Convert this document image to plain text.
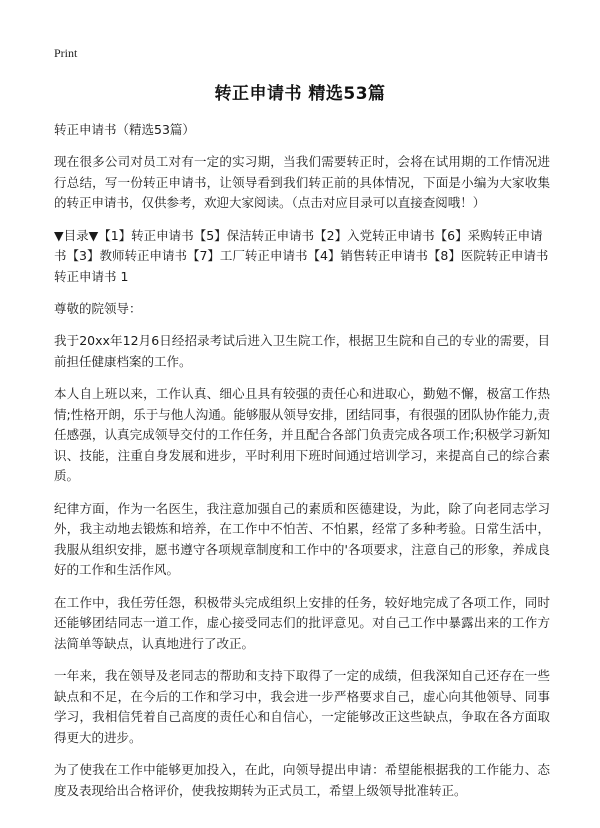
Print
转正申请书 精选53篇
转正申请书（精选53篇）

现在很多公司对员工对有一定的实习期，当我们需要转正时，会将在试用期的工作情况进行总结，写一份转正申请书，让领导看到我们转正前的具体情况，下面是小编为大家收集的转正申请书，仅供参考，欢迎大家阅读。（点击对应目录可以直接查阅哦！）

▼目录▼【1】转正申请书【5】保洁转正申请书【2】入党转正申请书【6】采购转正申请书【3】教师转正申请书【7】工厂转正申请书【4】销售转正申请书【8】医院转正申请书转正申请书 1

尊敬的院领导：

我于20xx年12月6日经招录考试后进入卫生院工作，根据卫生院和自己的专业的需要，目前担任健康档案的工作。

本人自上班以来，工作认真、细心且具有较强的责任心和进取心，勤勉不懈，极富工作热情;性格开朗，乐于与他人沟通。能够服从领导安排，团结同事，有很强的团队协作能力,责任感强，认真完成领导交付的工作任务，并且配合各部门负责完成各项工作;积极学习新知识、技能，注重自身发展和进步，平时利用下班时间通过培训学习，来提高自己的综合素质。

纪律方面，作为一名医生，我注意加强自己的素质和医德建设，为此，除了向老同志学习外，我主动地去锻炼和培养，在工作中不怕苦、不怕累，经常了多种考验。日常生活中，我服从组织安排，愿书遵守各项规章制度和工作中的'各项要求，注意自己的形象，养成良好的工作和生活作风。

在工作中，我任劳任怨，积极带头完成组织上安排的任务，较好地完成了各项工作，同时还能够团结同志一道工作，虚心接受同志们的批评意见。对自己工作中暴露出来的工作方法简单等缺点，认真地进行了改正。

一年来，我在领导及老同志的帮助和支持下取得了一定的成绩，但我深知自己还存在一些缺点和不足，在今后的工作和学习中，我会进一步严格要求自己，虚心向其他领导、同事学习，我相信凭着自己高度的责任心和自信心，一定能够改正这些缺点，争取在各方面取得更大的进步。

为了使我在工作中能够更加投入，在此，向领导提出申请：希望能根据我的工作能力、态度及表现给出合格评价，使我按期转为正式员工，希望上级领导批准转正。
